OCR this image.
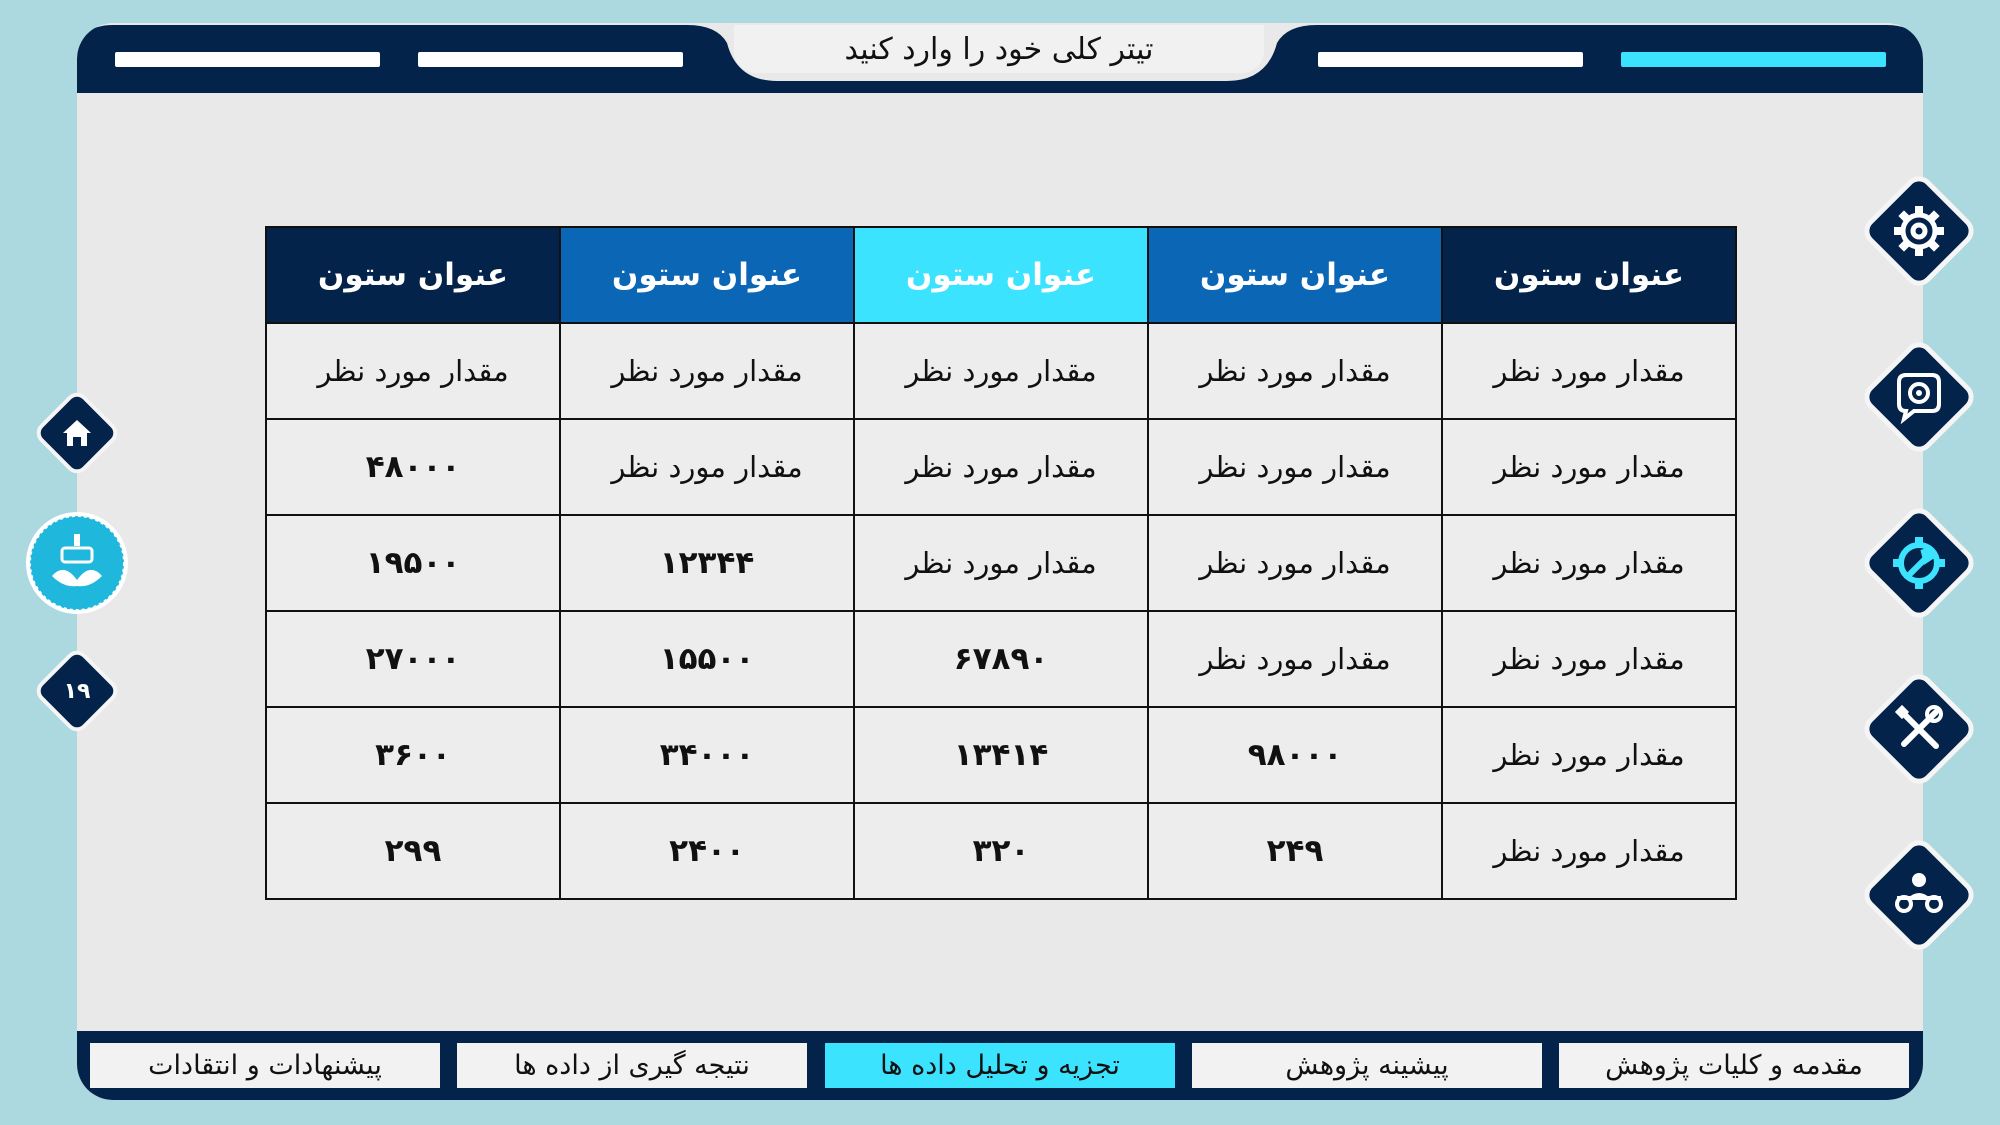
تیتر کلی خود را وارد کنید
مقدمه و کلیات پژوهش
پیشینه پژوهش
تجزیه و تحلیل داده ها
نتیجه گیری از داده ها
پیشنهادات و انتقادات
عنوان ستون	عنوان ستون	عنوان ستون	عنوان ستون	عنوان ستون
مقدار مورد نظر	مقدار مورد نظر	مقدار مورد نظر	مقدار مورد نظر	مقدار مورد نظر
مقدار مورد نظر	مقدار مورد نظر	مقدار مورد نظر	مقدار مورد نظر	۴۸۰۰۰
مقدار مورد نظر	مقدار مورد نظر	مقدار مورد نظر	۱۲۳۴۴	۱۹۵۰۰
مقدار مورد نظر	مقدار مورد نظر	۶۷۸۹۰	۱۵۵۰۰	۲۷۰۰۰
مقدار مورد نظر	۹۸۰۰۰	۱۳۴۱۴	۳۴۰۰۰	۳۶۰۰
مقدار مورد نظر	۲۴۹	۳۲۰	۲۴۰۰	۲۹۹
۱۹
